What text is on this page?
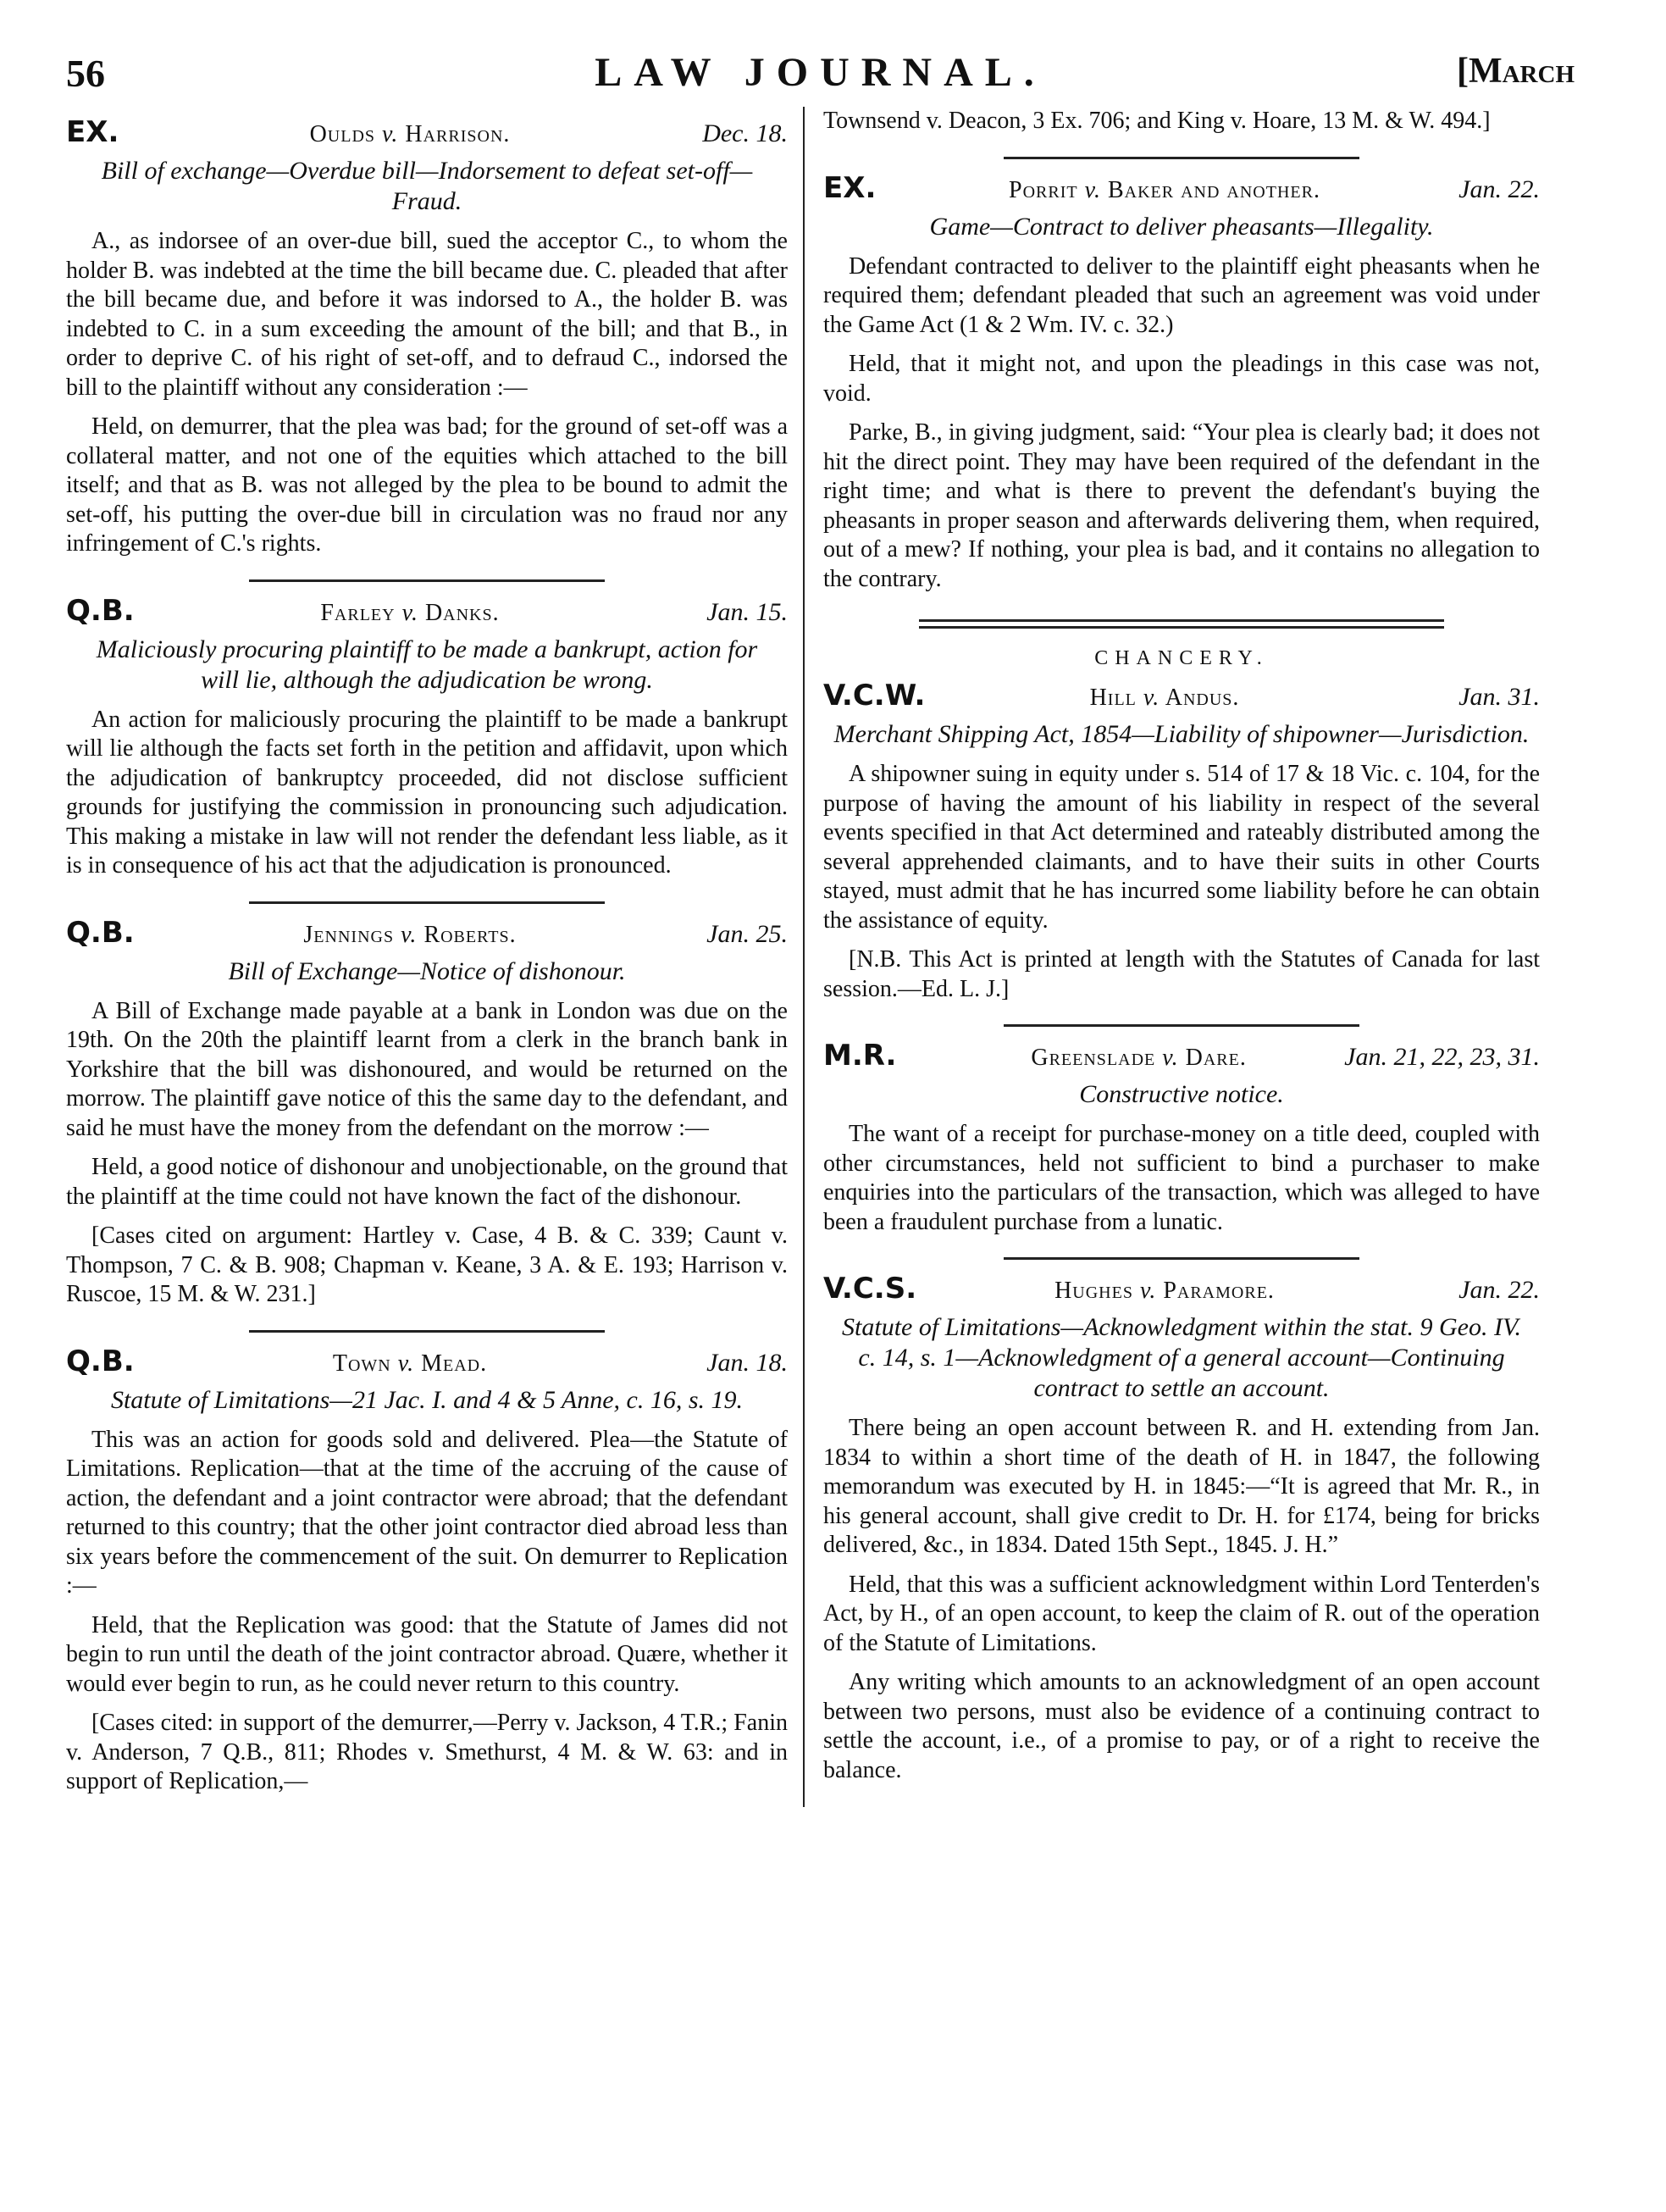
56	LAW JOURNAL.	[March
EX.	Oulds v. Harrison.	Dec. 18.
Bill of exchange—Overdue bill—Indorsement to defeat set-off—Fraud.

A., as indorsee of an over-due bill, sued the acceptor C., to whom the holder B. was indebted at the time the bill became due. C. pleaded that after the bill became due, and before it was indorsed to A., the holder B. was indebted to C. in a sum exceeding the amount of the bill; and that B., in order to deprive C. of his right of set-off, and to defraud C., indorsed the bill to the plaintiff without any consideration :—

Held, on demurrer, that the plea was bad; for the ground of set-off was a collateral matter, and not one of the equities which attached to the bill itself; and that as B. was not alleged by the plea to be bound to admit the set-off, his putting the over-due bill in circulation was no fraud nor any infringement of C.'s rights.

Q.B.	Farley v. Danks.	Jan. 15.
Maliciously procuring plaintiff to be made a bankrupt, action for will lie, although the adjudication be wrong.

An action for maliciously procuring the plaintiff to be made a bankrupt will lie although the facts set forth in the petition and affidavit, upon which the adjudication of bankruptcy proceeded, did not disclose sufficient grounds for justifying the commission in pronouncing such adjudication. This making a mistake in law will not render the defendant less liable, as it is in consequence of his act that the adjudication is pronounced.

Q.B.	Jennings v. Roberts.	Jan. 25.
Bill of Exchange—Notice of dishonour.

A Bill of Exchange made payable at a bank in London was due on the 19th. On the 20th the plaintiff learnt from a clerk in the branch bank in Yorkshire that the bill was dishonoured, and would be returned on the morrow. The plaintiff gave notice of this the same day to the defendant, and said he must have the money from the defendant on the morrow :—

Held, a good notice of dishonour and unobjectionable, on the ground that the plaintiff at the time could not have known the fact of the dishonour.

[Cases cited on argument: Hartley v. Case, 4 B. & C. 339; Caunt v. Thompson, 7 C. & B. 908; Chapman v. Keane, 3 A. & E. 193; Harrison v. Ruscoe, 15 M. & W. 231.]

Q.B.	Town v. Mead.	Jan. 18.
Statute of Limitations—21 Jac. I. and 4 & 5 Anne, c. 16, s. 19.

This was an action for goods sold and delivered. Plea—the Statute of Limitations. Replication—that at the time of the accruing of the cause of action, the defendant and a joint contractor were abroad; that the defendant returned to this country; that the other joint contractor died abroad less than six years before the commencement of the suit. On demurrer to Replication :—

Held, that the Replication was good: that the Statute of James did not begin to run until the death of the joint contractor abroad. Quære, whether it would ever begin to run, as he could never return to this country.

[Cases cited: in support of the demurrer,—Perry v. Jackson, 4 T.R.; Fanin v. Anderson, 7 Q.B., 811; Rhodes v. Smethurst, 4 M. & W. 63: and in support of Replication,—

Townsend v. Deacon, 3 Ex. 706; and King v. Hoare, 13 M. & W. 494.]

EX.	Porrit v. Baker and another.	Jan. 22.
Game—Contract to deliver pheasants—Illegality.

Defendant contracted to deliver to the plaintiff eight pheasants when he required them; defendant pleaded that such an agreement was void under the Game Act (1 & 2 Wm. IV. c. 32.)

Held, that it might not, and upon the pleadings in this case was not, void.

Parke, B., in giving judgment, said: “Your plea is clearly bad; it does not hit the direct point. They may have been required of the defendant in the right time; and what is there to prevent the defendant's buying the pheasants in proper season and afterwards delivering them, when required, out of a mew? If nothing, your plea is bad, and it contains no allegation to the contrary.

CHANCERY.
V.C.W.	Hill v. Andus.	Jan. 31.
Merchant Shipping Act, 1854—Liability of shipowner—Jurisdiction.

A shipowner suing in equity under s. 514 of 17 & 18 Vic. c. 104, for the purpose of having the amount of his liability in respect of the several events specified in that Act determined and rateably distributed among the several apprehended claimants, and to have their suits in other Courts stayed, must admit that he has incurred some liability before he can obtain the assistance of equity.

[N.B. This Act is printed at length with the Statutes of Canada for last session.—Ed. L. J.]

M.R.	Greenslade v. Dare.	Jan. 21, 22, 23, 31.
Constructive notice.

The want of a receipt for purchase-money on a title deed, coupled with other circumstances, held not sufficient to bind a purchaser to make enquiries into the particulars of the transaction, which was alleged to have been a fraudulent purchase from a lunatic.

V.C.S.	Hughes v. Paramore.	Jan. 22.
Statute of Limitations—Acknowledgment within the stat. 9 Geo. IV. c. 14, s. 1—Acknowledgment of a general account—Continuing contract to settle an account.

There being an open account between R. and H. extending from Jan. 1834 to within a short time of the death of H. in 1847, the following memorandum was executed by H. in 1845:—“It is agreed that Mr. R., in his general account, shall give credit to Dr. H. for £174, being for bricks delivered, &c., in 1834. Dated 15th Sept., 1845. J. H.”

Held, that this was a sufficient acknowledgment within Lord Tenterden's Act, by H., of an open account, to keep the claim of R. out of the operation of the Statute of Limitations.

Any writing which amounts to an acknowledgment of an open account between two persons, must also be evidence of a continuing contract to settle the account, i.e., of a promise to pay, or of a right to receive the balance.
